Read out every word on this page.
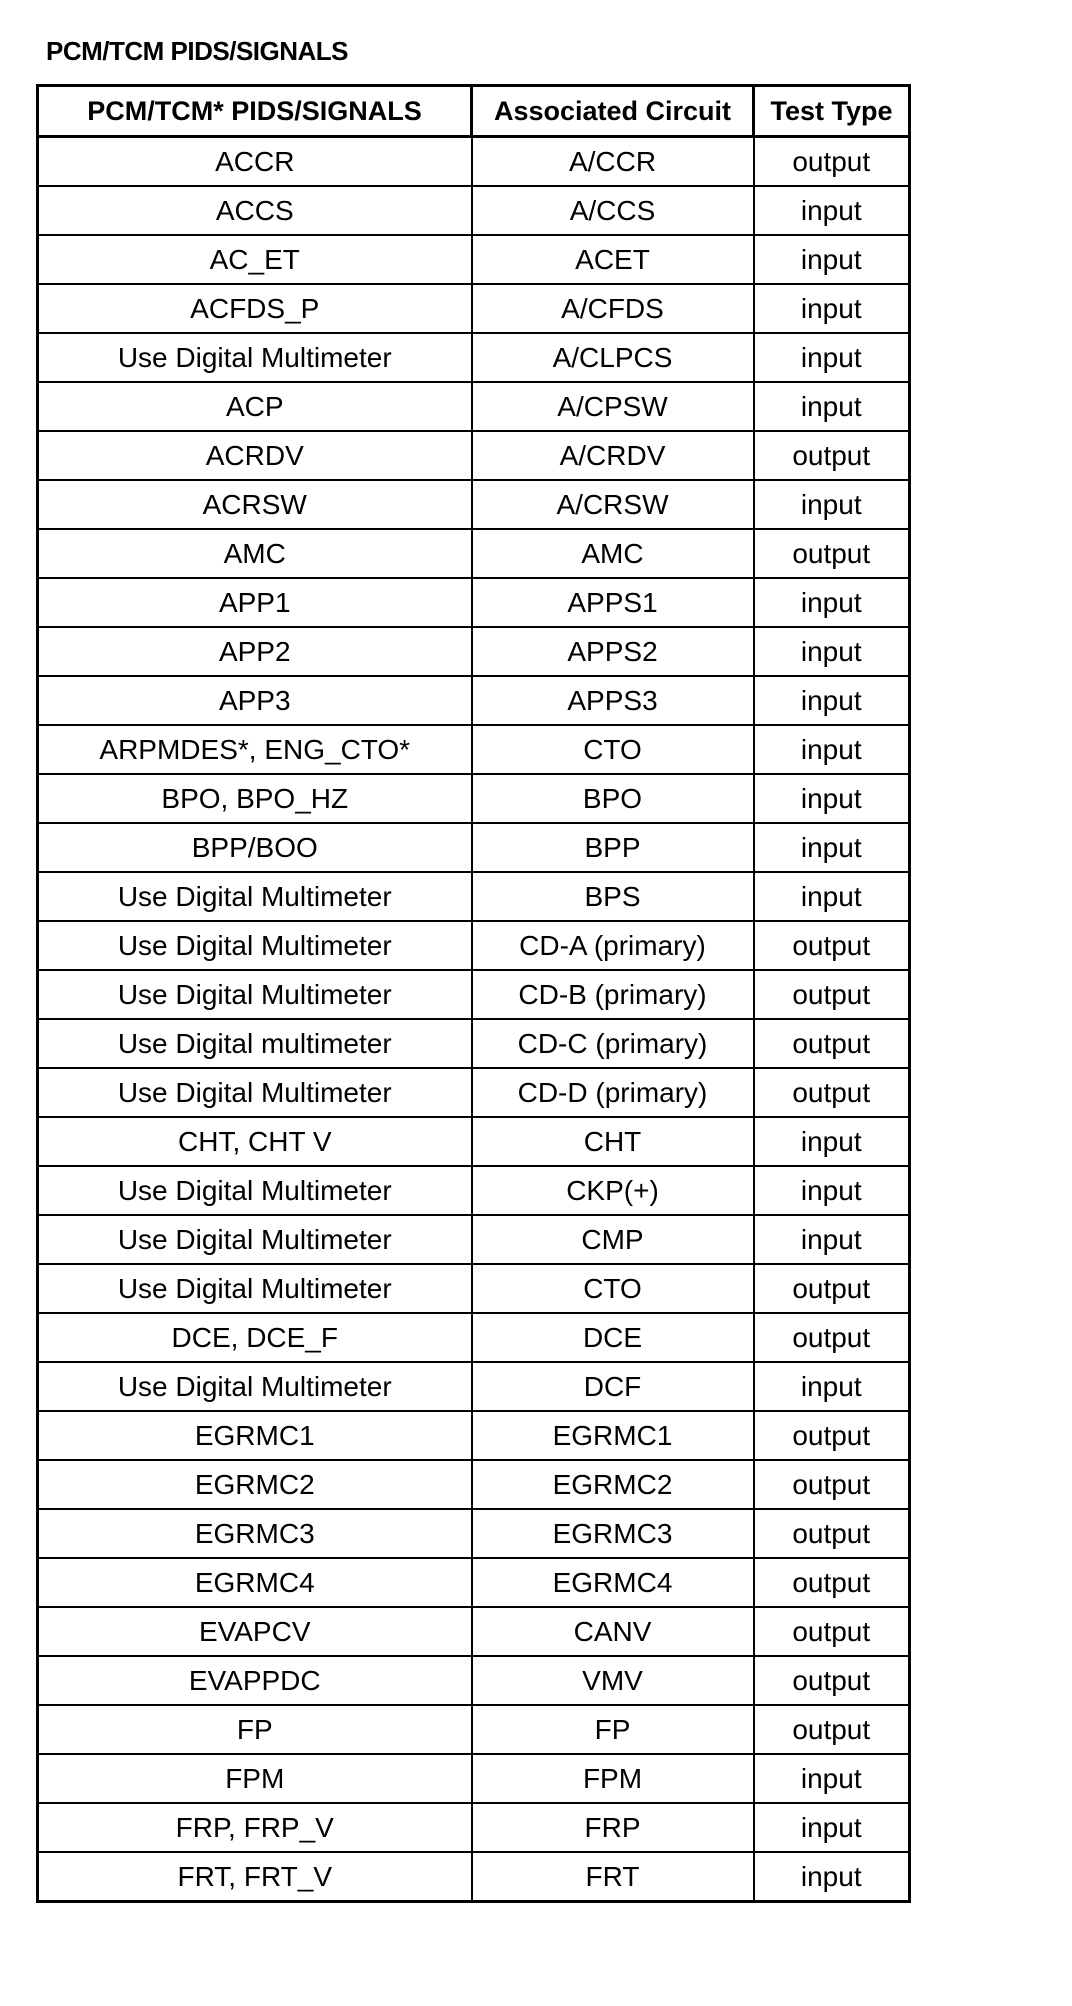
PCM/TCM PIDS/SIGNALS
PCM/TCM* PIDS/SIGNALS	Associated Circuit	Test Type
ACCR	A/CCR	output
ACCS	A/CCS	input
AC_ET	ACET	input
ACFDS_P	A/CFDS	input
Use Digital Multimeter	A/CLPCS	input
ACP	A/CPSW	input
ACRDV	A/CRDV	output
ACRSW	A/CRSW	input
AMC	AMC	output
APP1	APPS1	input
APP2	APPS2	input
APP3	APPS3	input
ARPMDES*, ENG_CTO*	CTO	input
BPO, BPO_HZ	BPO	input
BPP/BOO	BPP	input
Use Digital Multimeter	BPS	input
Use Digital Multimeter	CD-A (primary)	output
Use Digital Multimeter	CD-B (primary)	output
Use Digital multimeter	CD-C (primary)	output
Use Digital Multimeter	CD-D (primary)	output
CHT, CHT V	CHT	input
Use Digital Multimeter	CKP(+)	input
Use Digital Multimeter	CMP	input
Use Digital Multimeter	CTO	output
DCE, DCE_F	DCE	output
Use Digital Multimeter	DCF	input
EGRMC1	EGRMC1	output
EGRMC2	EGRMC2	output
EGRMC3	EGRMC3	output
EGRMC4	EGRMC4	output
EVAPCV	CANV	output
EVAPPDC	VMV	output
FP	FP	output
FPM	FPM	input
FRP, FRP_V	FRP	input
FRT, FRT_V	FRT	input
